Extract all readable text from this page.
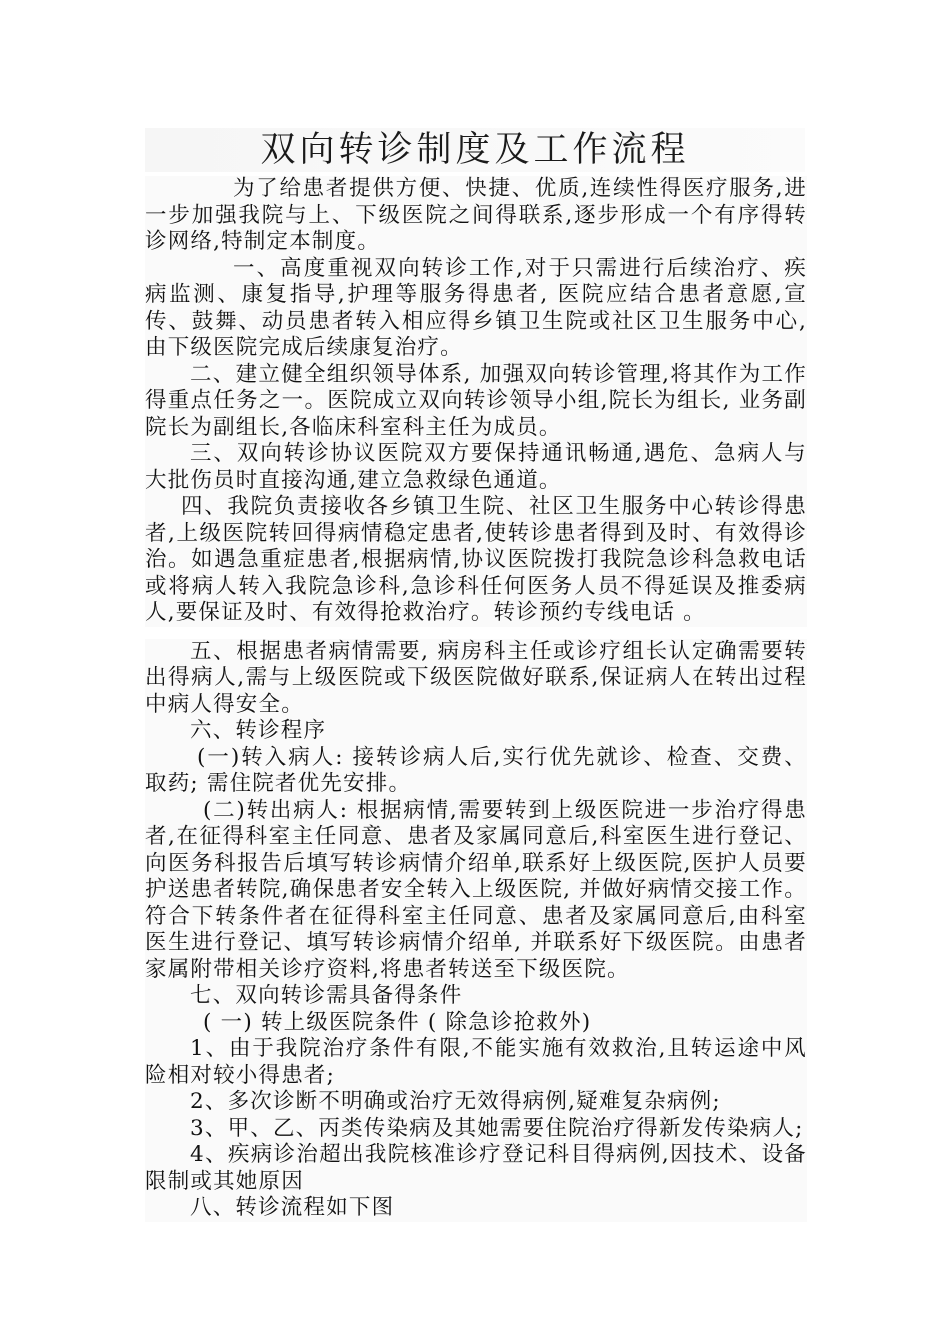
双向转诊制度及工作流程

为了给患者提供方便、快捷、优质,连续性得医疗服务,进一步加强我院与上、下级医院之间得联系,逐步形成一个有序得转诊网络,特制定本制度。

一、高度重视双向转诊工作,对于只需进行后续治疗、疾病监测、康复指导,护理等服务得患者, 医院应结合患者意愿,宣传、鼓舞、动员患者转入相应得乡镇卫生院或社区卫生服务中心,由下级医院完成后续康复治疗。

二、建立健全组织领导体系, 加强双向转诊管理,将其作为工作得重点任务之一。医院成立双向转诊领导小组,院长为组长, 业务副院长为副组长,各临床科室科主任为成员。

三、双向转诊协议医院双方要保持通讯畅通,遇危、急病人与大批伤员时直接沟通,建立急救绿色通道。

四、我院负责接收各乡镇卫生院、社区卫生服务中心转诊得患者,上级医院转回得病情稳定患者,使转诊患者得到及时、有效得诊治。如遇急重症患者,根据病情,协议医院拨打我院急诊科急救电话或将病人转入我院急诊科,急诊科任何医务人员不得延误及推委病人,要保证及时、有效得抢救治疗。转诊预约专线电话 。

五、根据患者病情需要, 病房科主任或诊疗组长认定确需要转出得病人,需与上级医院或下级医院做好联系,保证病人在转出过程中病人得安全。

六、转诊程序

(一)转入病人: 接转诊病人后,实行优先就诊、检查、交费、取药; 需住院者优先安排。

(二)转出病人: 根据病情,需要转到上级医院进一步治疗得患者,在征得科室主任同意、患者及家属同意后,科室医生进行登记、向医务科报告后填写转诊病情介绍单,联系好上级医院,医护人员要护送患者转院,确保患者安全转入上级医院, 并做好病情交接工作。符合下转条件者在征得科室主任同意、患者及家属同意后,由科室医生进行登记、填写转诊病情介绍单, 并联系好下级医院。由患者家属附带相关诊疗资料,将患者转送至下级医院。

七、双向转诊需具备得条件

( 一) 转上级医院条件 ( 除急诊抢救外)

1、由于我院治疗条件有限,不能实施有效救治,且转运途中风险相对较小得患者;

2、多次诊断不明确或治疗无效得病例,疑难复杂病例;

3、甲、乙、丙类传染病及其她需要住院治疗得新发传染病人;

4、疾病诊治超出我院核准诊疗登记科目得病例,因技术、设备限制或其她原因

八、转诊流程如下图
